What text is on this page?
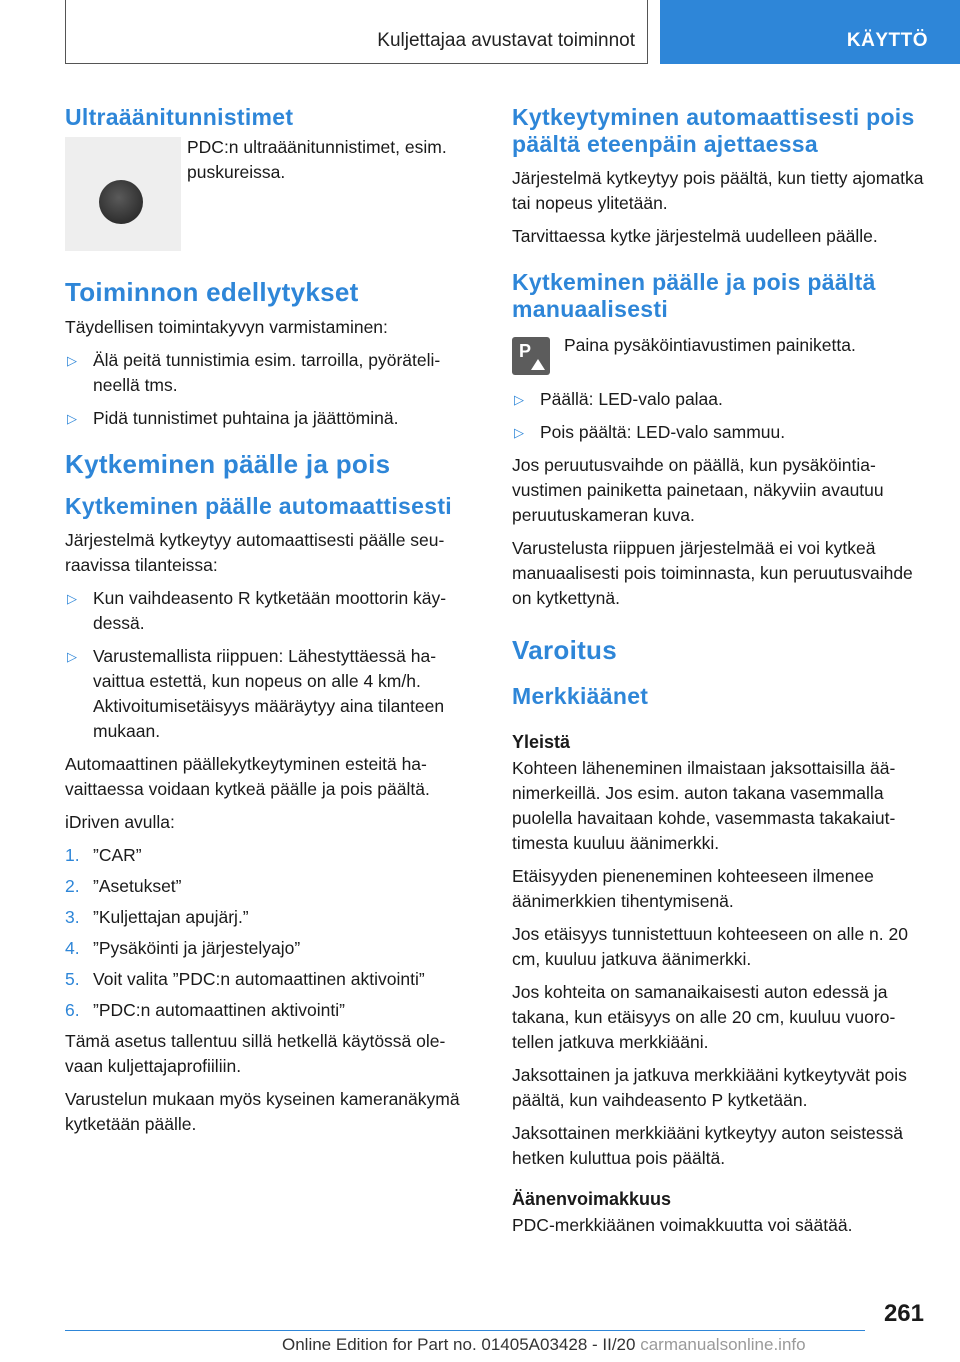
Kuljettajaa avustavat toiminnot	KÄYTTÖ
Ultraäänitunnistimet

PDC:n ultraäänitunnistimet, esim. puskureissa.

Toiminnon edellytykset

Täydellisen toimintakyvyn varmistaminen:

▷ Älä peitä tunnistimia esim. tarroilla, pyörätelineellä tms.
▷ Pidä tunnistimet puhtaina ja jäättöminä.
Kytkeminen päälle ja pois
Kytkeminen päälle automaattisesti

Järjestelmä kytkeytyy automaattisesti päälle seuraavissa tilanteissa:

▷ Kun vaihdeasento R kytketään moottorin käydessä.
▷ Varustemallista riippuen: Lähestyttäessä havaittua estettä, kun nopeus on alle 4 km/h. Aktivoitumisetäisyys määräytyy aina tilanteen mukaan.

Automaattinen päällekytkeytyminen esteitä havaittaessa voidaan kytkeä päälle ja pois päältä.

iDriven avulla:

1. ”CAR”
2. ”Asetukset”
3. ”Kuljettajan apujärj.”
4. ”Pysäköinti ja järjestelyajo”
5. Voit valita ”PDC:n automaattinen aktivointi”
6. ”PDC:n automaattinen aktivointi”

Tämä asetus tallentuu sillä hetkellä käytössä olevaan kuljettajaprofiiliin.

Varustelun mukaan myös kyseinen kameranäkymä kytketään päälle.

Kytkeytyminen automaattisesti pois päältä eteenpäin ajettaessa

Järjestelmä kytkeytyy pois päältä, kun tietty ajomatka tai nopeus ylitetään.

Tarvittaessa kytke järjestelmä uudelleen päälle.

Kytkeminen päälle ja pois päältä manuaalisesti
P Paina pysäköintiavustimen painiketta.

▷ Päällä: LED-valo palaa.
▷ Pois päältä: LED-valo sammuu.

Jos peruutusvaihde on päällä, kun pysäköintiavustimen painiketta painetaan, näkyviin avautuu peruutuskameran kuva.

Varustelusta riippuen järjestelmää ei voi kytkeä manuaalisesti pois toiminnasta, kun peruutusvaihde on kytkettynä.

Varoitus
Merkkiäänet
Yleistä

Kohteen läheneminen ilmaistaan jaksottaisilla äänimerkeillä. Jos esim. auton takana vasemmalla puolella havaitaan kohde, vasemmasta takakaiuttimesta kuuluu äänimerkki.

Etäisyyden pieneneminen kohteeseen ilmenee äänimerkkien tihentymisenä.

Jos etäisyys tunnistettuun kohteeseen on alle n. 20 cm, kuuluu jatkuva äänimerkki.

Jos kohteita on samanaikaisesti auton edessä ja takana, kun etäisyys on alle 20 cm, kuuluu vuorotellen jatkuva merkkiääni.

Jaksottainen ja jatkuva merkkiääni kytkeytyvät pois päältä, kun vaihdeasento P kytketään.

Jaksottainen merkkiääni kytkeytyy auton seistessä hetken kuluttua pois päältä.

Äänenvoimakkuus

PDC-merkkiäänen voimakkuutta voi säätää.

261
Online Edition for Part no. 01405A03428 - II/20 carmanualsonline.info
